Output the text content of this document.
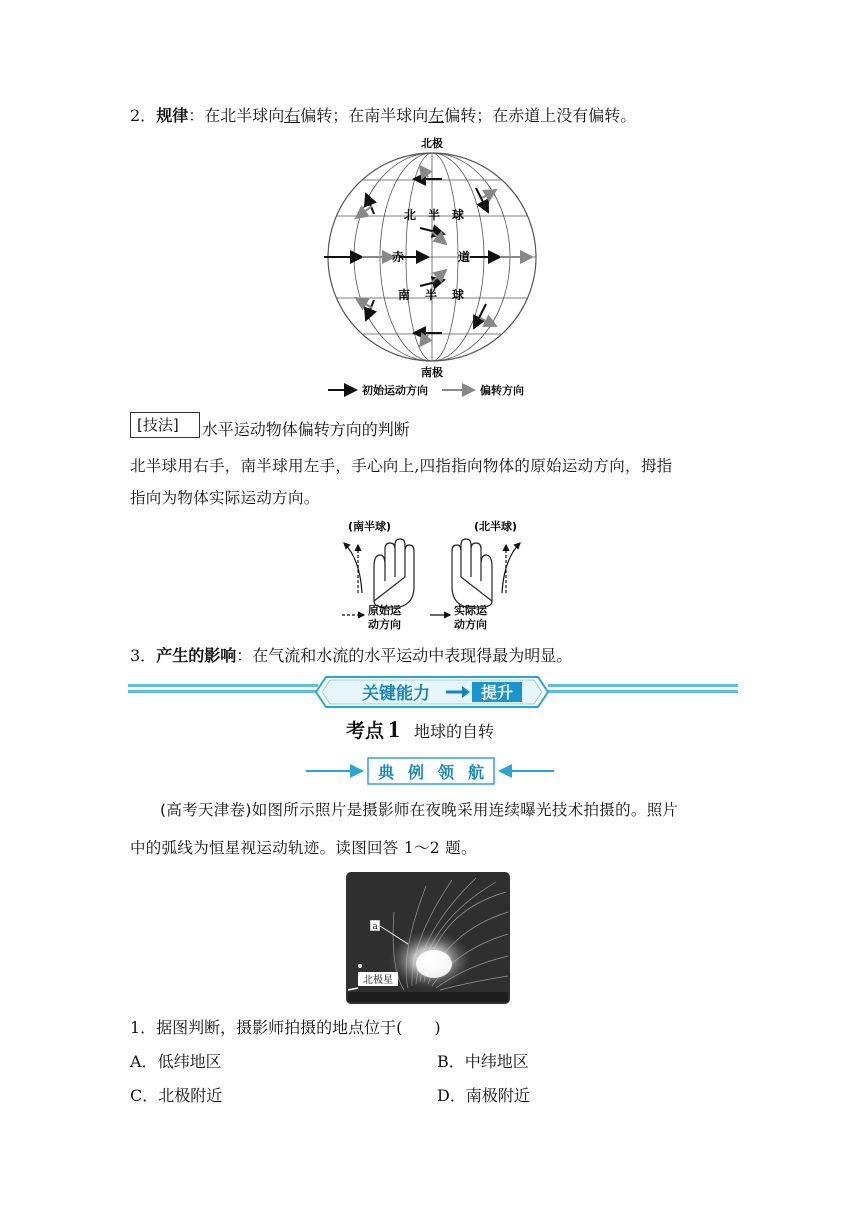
2．规律：在北半球向右偏转；在南半球向左偏转；在赤道上没有偏转。
北极
北 半 球
赤	道
南 半 球
南极
初始运动方向	偏转方向
[技法]	水平运动物体偏转方向的判断
北半球用右手，南半球用左手，手心向上,四指指向物体的原始运动方向，拇指
指向为物体实际运动方向。
(南半球)	(北半球)
原始运
动方向
实际运
动方向
3．产生的影响：在气流和水流的水平运动中表现得最为明显。
关键能力	提升
考点 1 地球的自转
典 例 领 航
(高考天津卷)如图所示照片是摄影师在夜晚采用连续曝光技术拍摄的。照片
中的弧线为恒星视运动轨迹。读图回答 1～2 题。
a
北极星
1．据图判断，摄影师拍摄的地点位于(　　)
A．低纬地区	B．中纬地区
C．北极附近	D．南极附近
